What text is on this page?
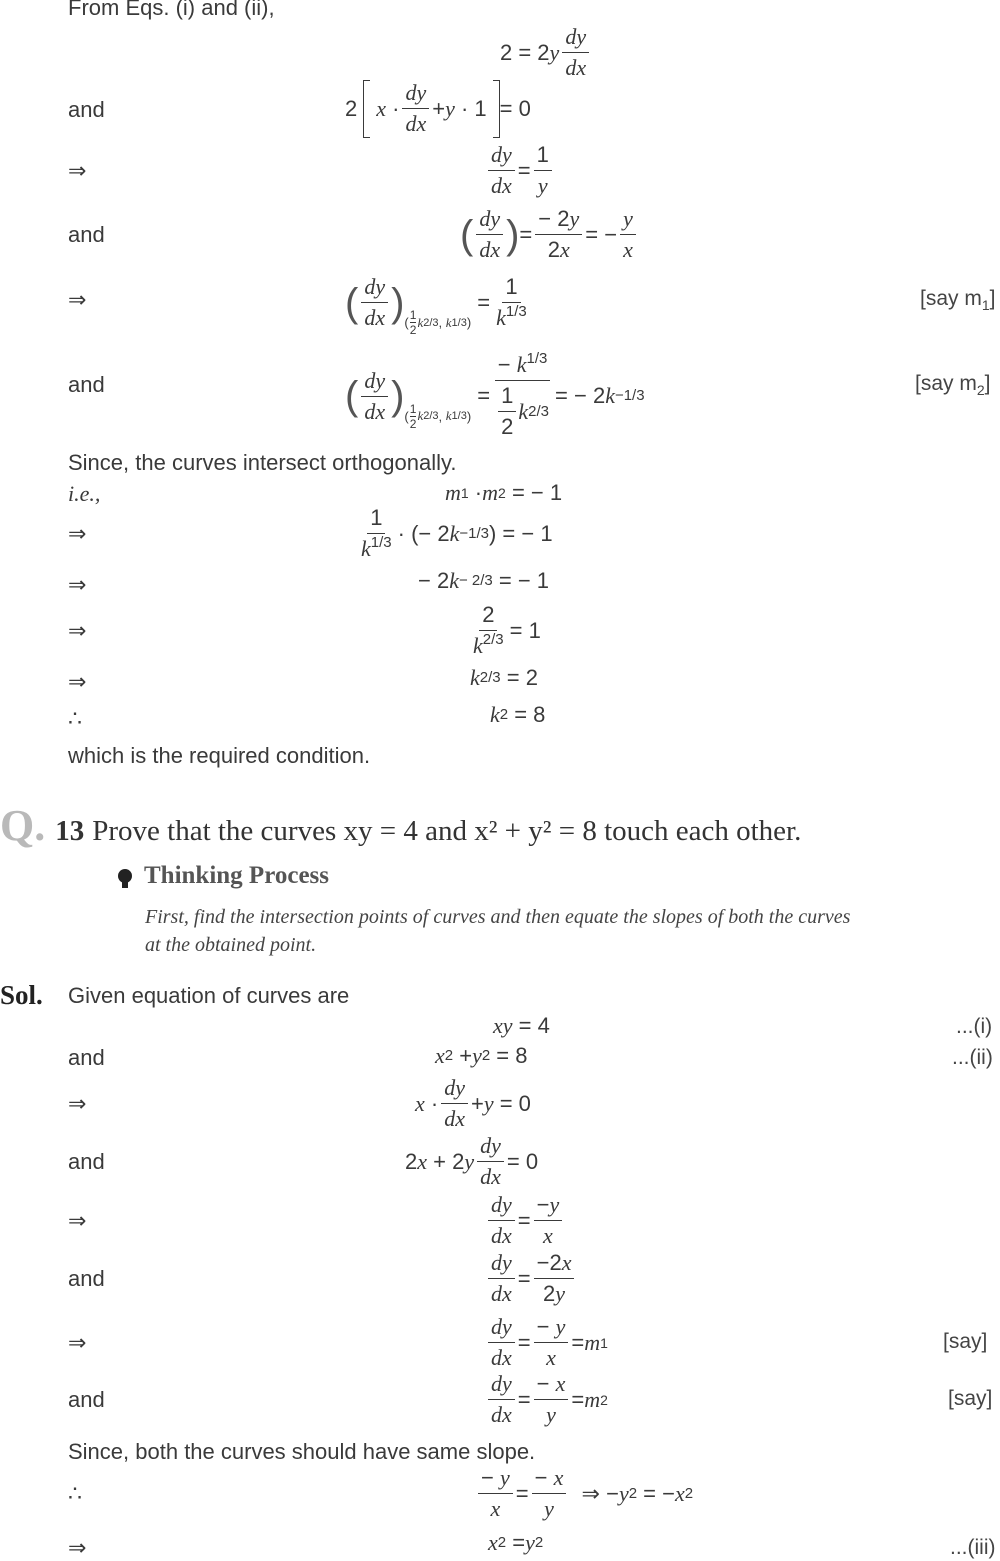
From Eqs. (i) and (ii),
2 = 2 y
dy
dx
and	2 x ·
dy
dx
+ y · 1 = 0
⇒
dy
dx
=
1
y
and	( dy
dx ) =
− 2y
2x
= −
y
x
⇒	( dy
dx ) ( 1
2
k 2/3 , k 1/3 )
=
1
$k^{1/3}$
[say $m_1$]
and	( dy
dx ) ( 1
2
k 2/3 , k 1/3 )
=
− $k^{1/3}$
1
2
k 2/3
= − 2 k −1/3
[say $m_2$]
Since, the curves intersect orthogonally.
i.e.,	m 1 · m 2 = − 1
⇒
1
$k^{1/3}$ · (− 2 k −1/3 ) = − 1
⇒	− 2 k − 2/3 = − 1
⇒
2
$k^{2/3} = 1$
⇒	k 2/3 = 2
∴	k 2 = 8
which is the required condition.
Q. 13 Prove that the curves xy = 4 and x² + y² = 8 touch each other.
Thinking Process
First, find the intersection points of curves and then equate the slopes of both the curves
at the obtained point.
Sol. Given equation of curves are
xy = 4	...(i)
and	x 2 + y 2 = 8	...(ii)
⇒	x ·
dy
dx
+ y = 0
and	2 x + 2 y
dy
dx
= 0
⇒
dy
dx
=
−y
x
and
dy
dx
=
−2x
2y
⇒
dy
dx
=
− y
x
= m 1	[say]
and
dy
dx
=
− x
y
= m 2	[say]
Since, both the curves should have same slope.
∴
− y
x
=
− x
y
⇒ − y 2 = − x 2
⇒	x 2 = y 2	...(iii)
